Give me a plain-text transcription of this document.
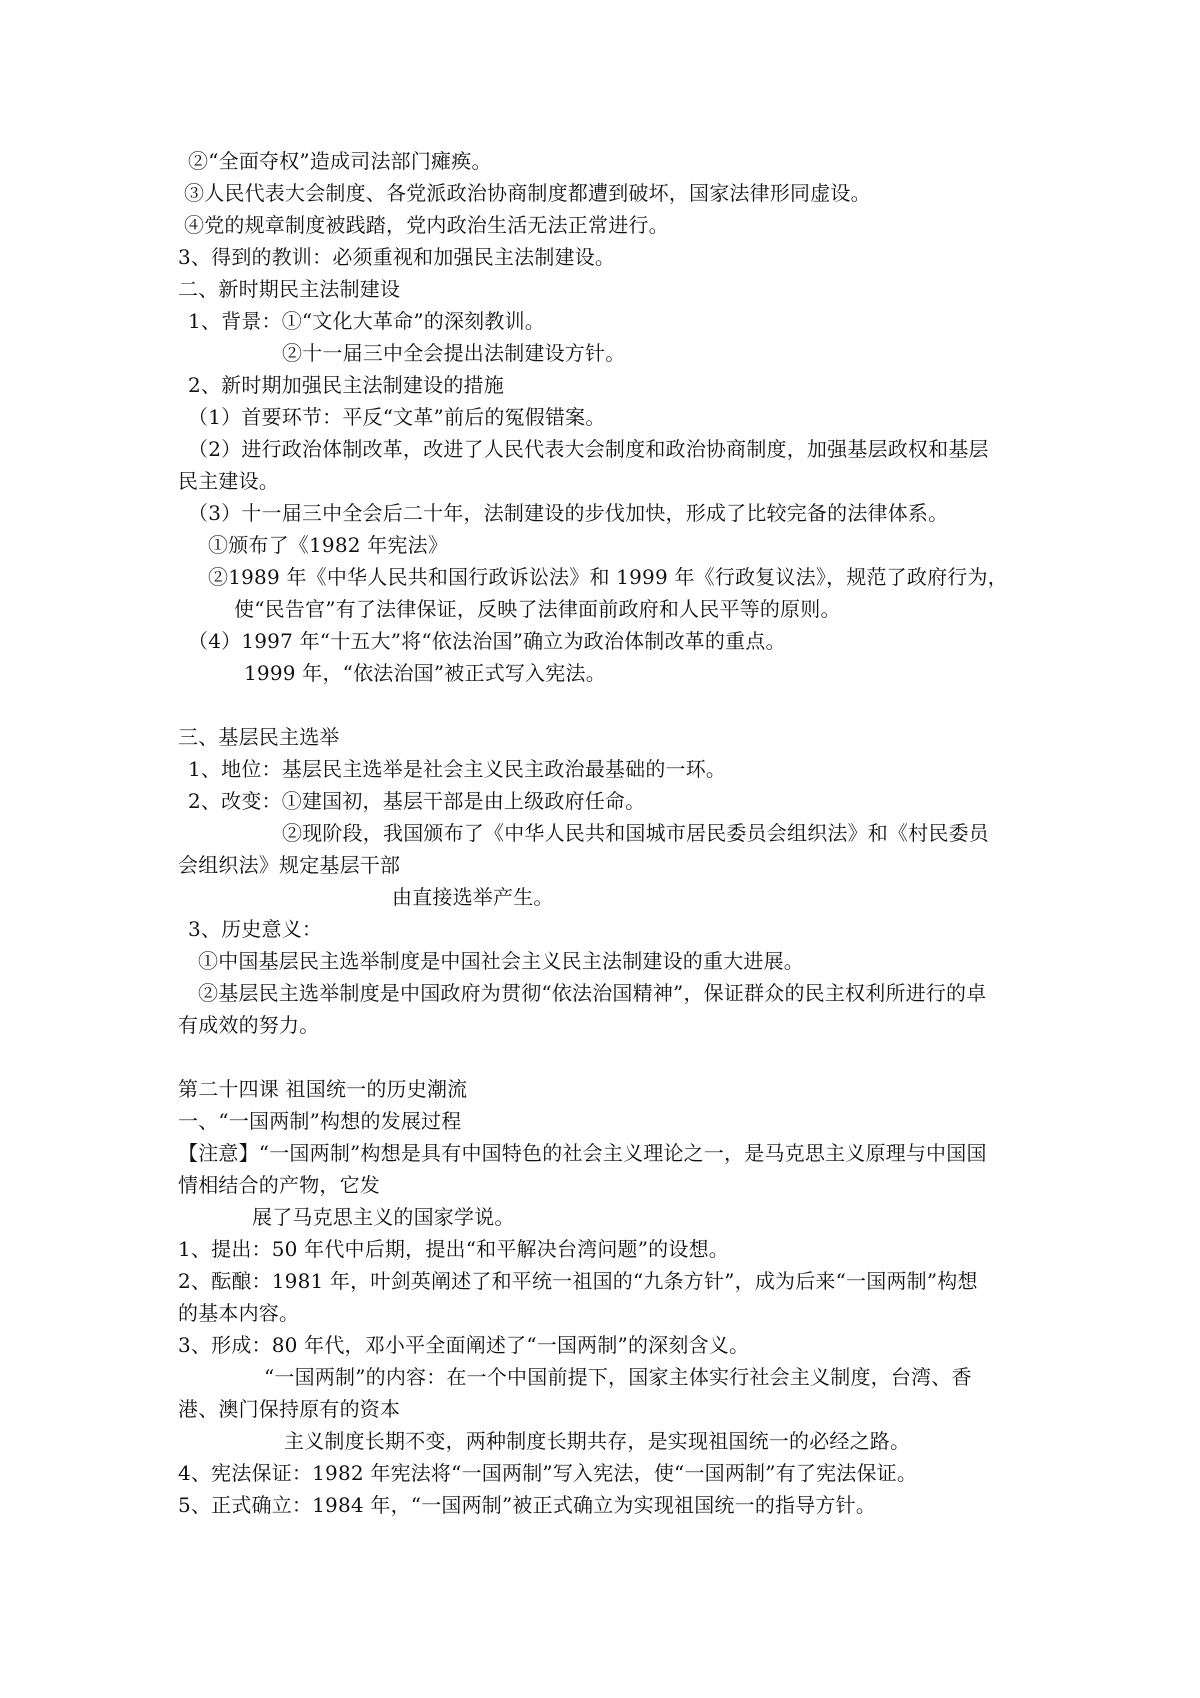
②“全面夺权”造成司法部门瘫痪。
③人民代表大会制度、各党派政治协商制度都遭到破坏，国家法律形同虚设。
④党的规章制度被践踏，党内政治生活无法正常进行。
3、得到的教训：必须重视和加强民主法制建设。
二、新时期民主法制建设
1、背景：①“文化大革命”的深刻教训。
②十一届三中全会提出法制建设方针。
2、新时期加强民主法制建设的措施
（1）首要环节：平反“文革”前后的冤假错案。
（2）进行政治体制改革，改进了人民代表大会制度和政治协商制度，加强基层政权和基层
民主建设。
（3）十一届三中全会后二十年，法制建设的步伐加快，形成了比较完备的法律体系。
①颁布了《1982 年宪法》
②1989 年《中华人民共和国行政诉讼法》和 1999 年《行政复议法》，规范了政府行为，
使“民告官”有了法律保证，反映了法律面前政府和人民平等的原则。
（4）1997 年“十五大”将“依法治国”确立为政治体制改革的重点。
1999 年，“依法治国”被正式写入宪法。
三、基层民主选举
1、地位：基层民主选举是社会主义民主政治最基础的一环。
2、改变：①建国初，基层干部是由上级政府任命。
②现阶段，我国颁布了《中华人民共和国城市居民委员会组织法》和《村民委员
会组织法》规定基层干部
由直接选举产生。
3、历史意义：
①中国基层民主选举制度是中国社会主义民主法制建设的重大进展。
②基层民主选举制度是中国政府为贯彻“依法治国精神”，保证群众的民主权利所进行的卓
有成效的努力。
第二十四课 祖国统一的历史潮流
一、“一国两制”构想的发展过程
【注意】“一国两制”构想是具有中国特色的社会主义理论之一，是马克思主义原理与中国国
情相结合的产物，它发
展了马克思主义的国家学说。
1、提出：50 年代中后期，提出“和平解决台湾问题”的设想。
2、酝酿：1981 年，叶剑英阐述了和平统一祖国的“九条方针”，成为后来“一国两制”构想
的基本内容。
3、形成：80 年代，邓小平全面阐述了“一国两制”的深刻含义。
“一国两制”的内容：在一个中国前提下，国家主体实行社会主义制度，台湾、香
港、澳门保持原有的资本
主义制度长期不变，两种制度长期共存，是实现祖国统一的必经之路。
4、宪法保证：1982 年宪法将“一国两制”写入宪法，使“一国两制”有了宪法保证。
5、正式确立：1984 年，“一国两制”被正式确立为实现祖国统一的指导方针。
